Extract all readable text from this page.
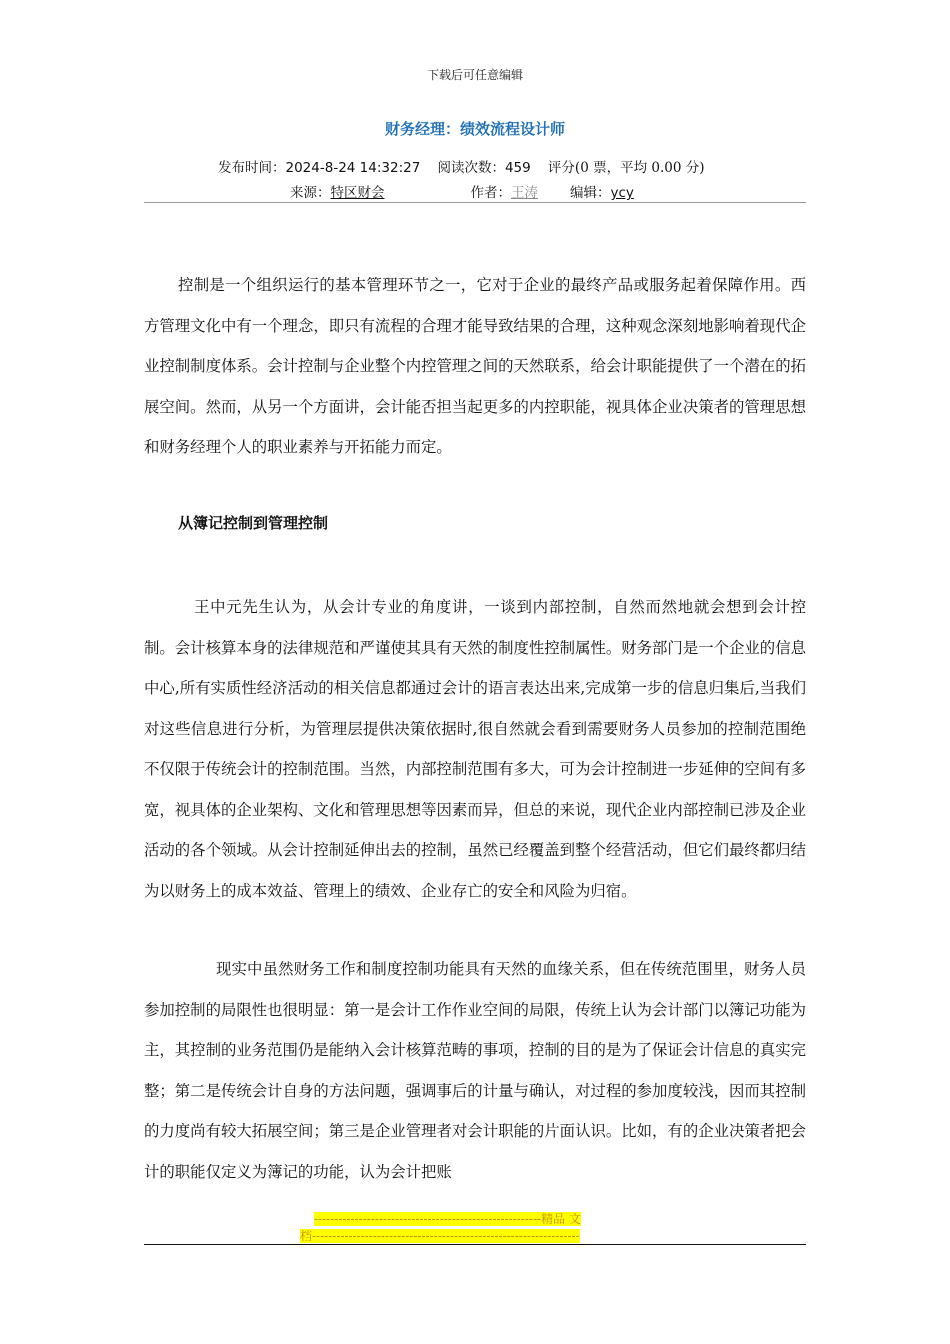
下载后可任意编辑
财务经理：绩效流程设计师
发布时间：2024-8-24 14:32:27 阅读次数：459 评分(0 票，平均 0.00 分)
来源：特区财会	作者：王涛 编辑：ycy
控制是一个组织运行的基本管理环节之一，它对于企业的最终产品或服务起着保障作用。西方管理文化中有一个理念，即只有流程的合理才能导致结果的合理，这种观念深刻地影响着现代企业控制制度体系。会计控制与企业整个内控管理之间的天然联系，给会计职能提供了一个潜在的拓展空间。然而，从另一个方面讲，会计能否担当起更多的内控职能，视具体企业决策者的管理思想和财务经理个人的职业素养与开拓能力而定。
从簿记控制到管理控制
王中元先生认为，从会计专业的角度讲，一谈到内部控制，自然而然地就会想到会计控制。会计核算本身的法律规范和严谨使其具有天然的制度性控制属性。财务部门是一个企业的信息中心,所有实质性经济活动的相关信息都通过会计的语言表达出来,完成第一步的信息归集后,当我们对这些信息进行分析，为管理层提供决策依据时,很自然就会看到需要财务人员参加的控制范围绝不仅限于传统会计的控制范围。当然，内部控制范围有多大，可为会计控制进一步延伸的空间有多宽，视具体的企业架构、文化和管理思想等因素而异，但总的来说，现代企业内部控制已涉及企业活动的各个领域。从会计控制延伸出去的控制，虽然已经覆盖到整个经营活动，但它们最终都归结为以财务上的成本效益、管理上的绩效、企业存亡的安全和风险为归宿。
现实中虽然财务工作和制度控制功能具有天然的血缘关系，但在传统范围里，财务人员参加控制的局限性也很明显：第一是会计工作作业空间的局限，传统上认为会计部门以簿记功能为主，其控制的业务范围仍是能纳入会计核算范畴的事项，控制的目的是为了保证会计信息的真实完整；第二是传统会计自身的方法问题，强调事后的计量与确认，对过程的参加度较浅，因而其控制的力度尚有较大拓展空间；第三是企业管理者对会计职能的片面认识。比如，有的企业决策者把会计的职能仅定义为簿记的功能，认为会计把账
--------------------------------------------------------精品 文
档------------------------------------------------------------------
